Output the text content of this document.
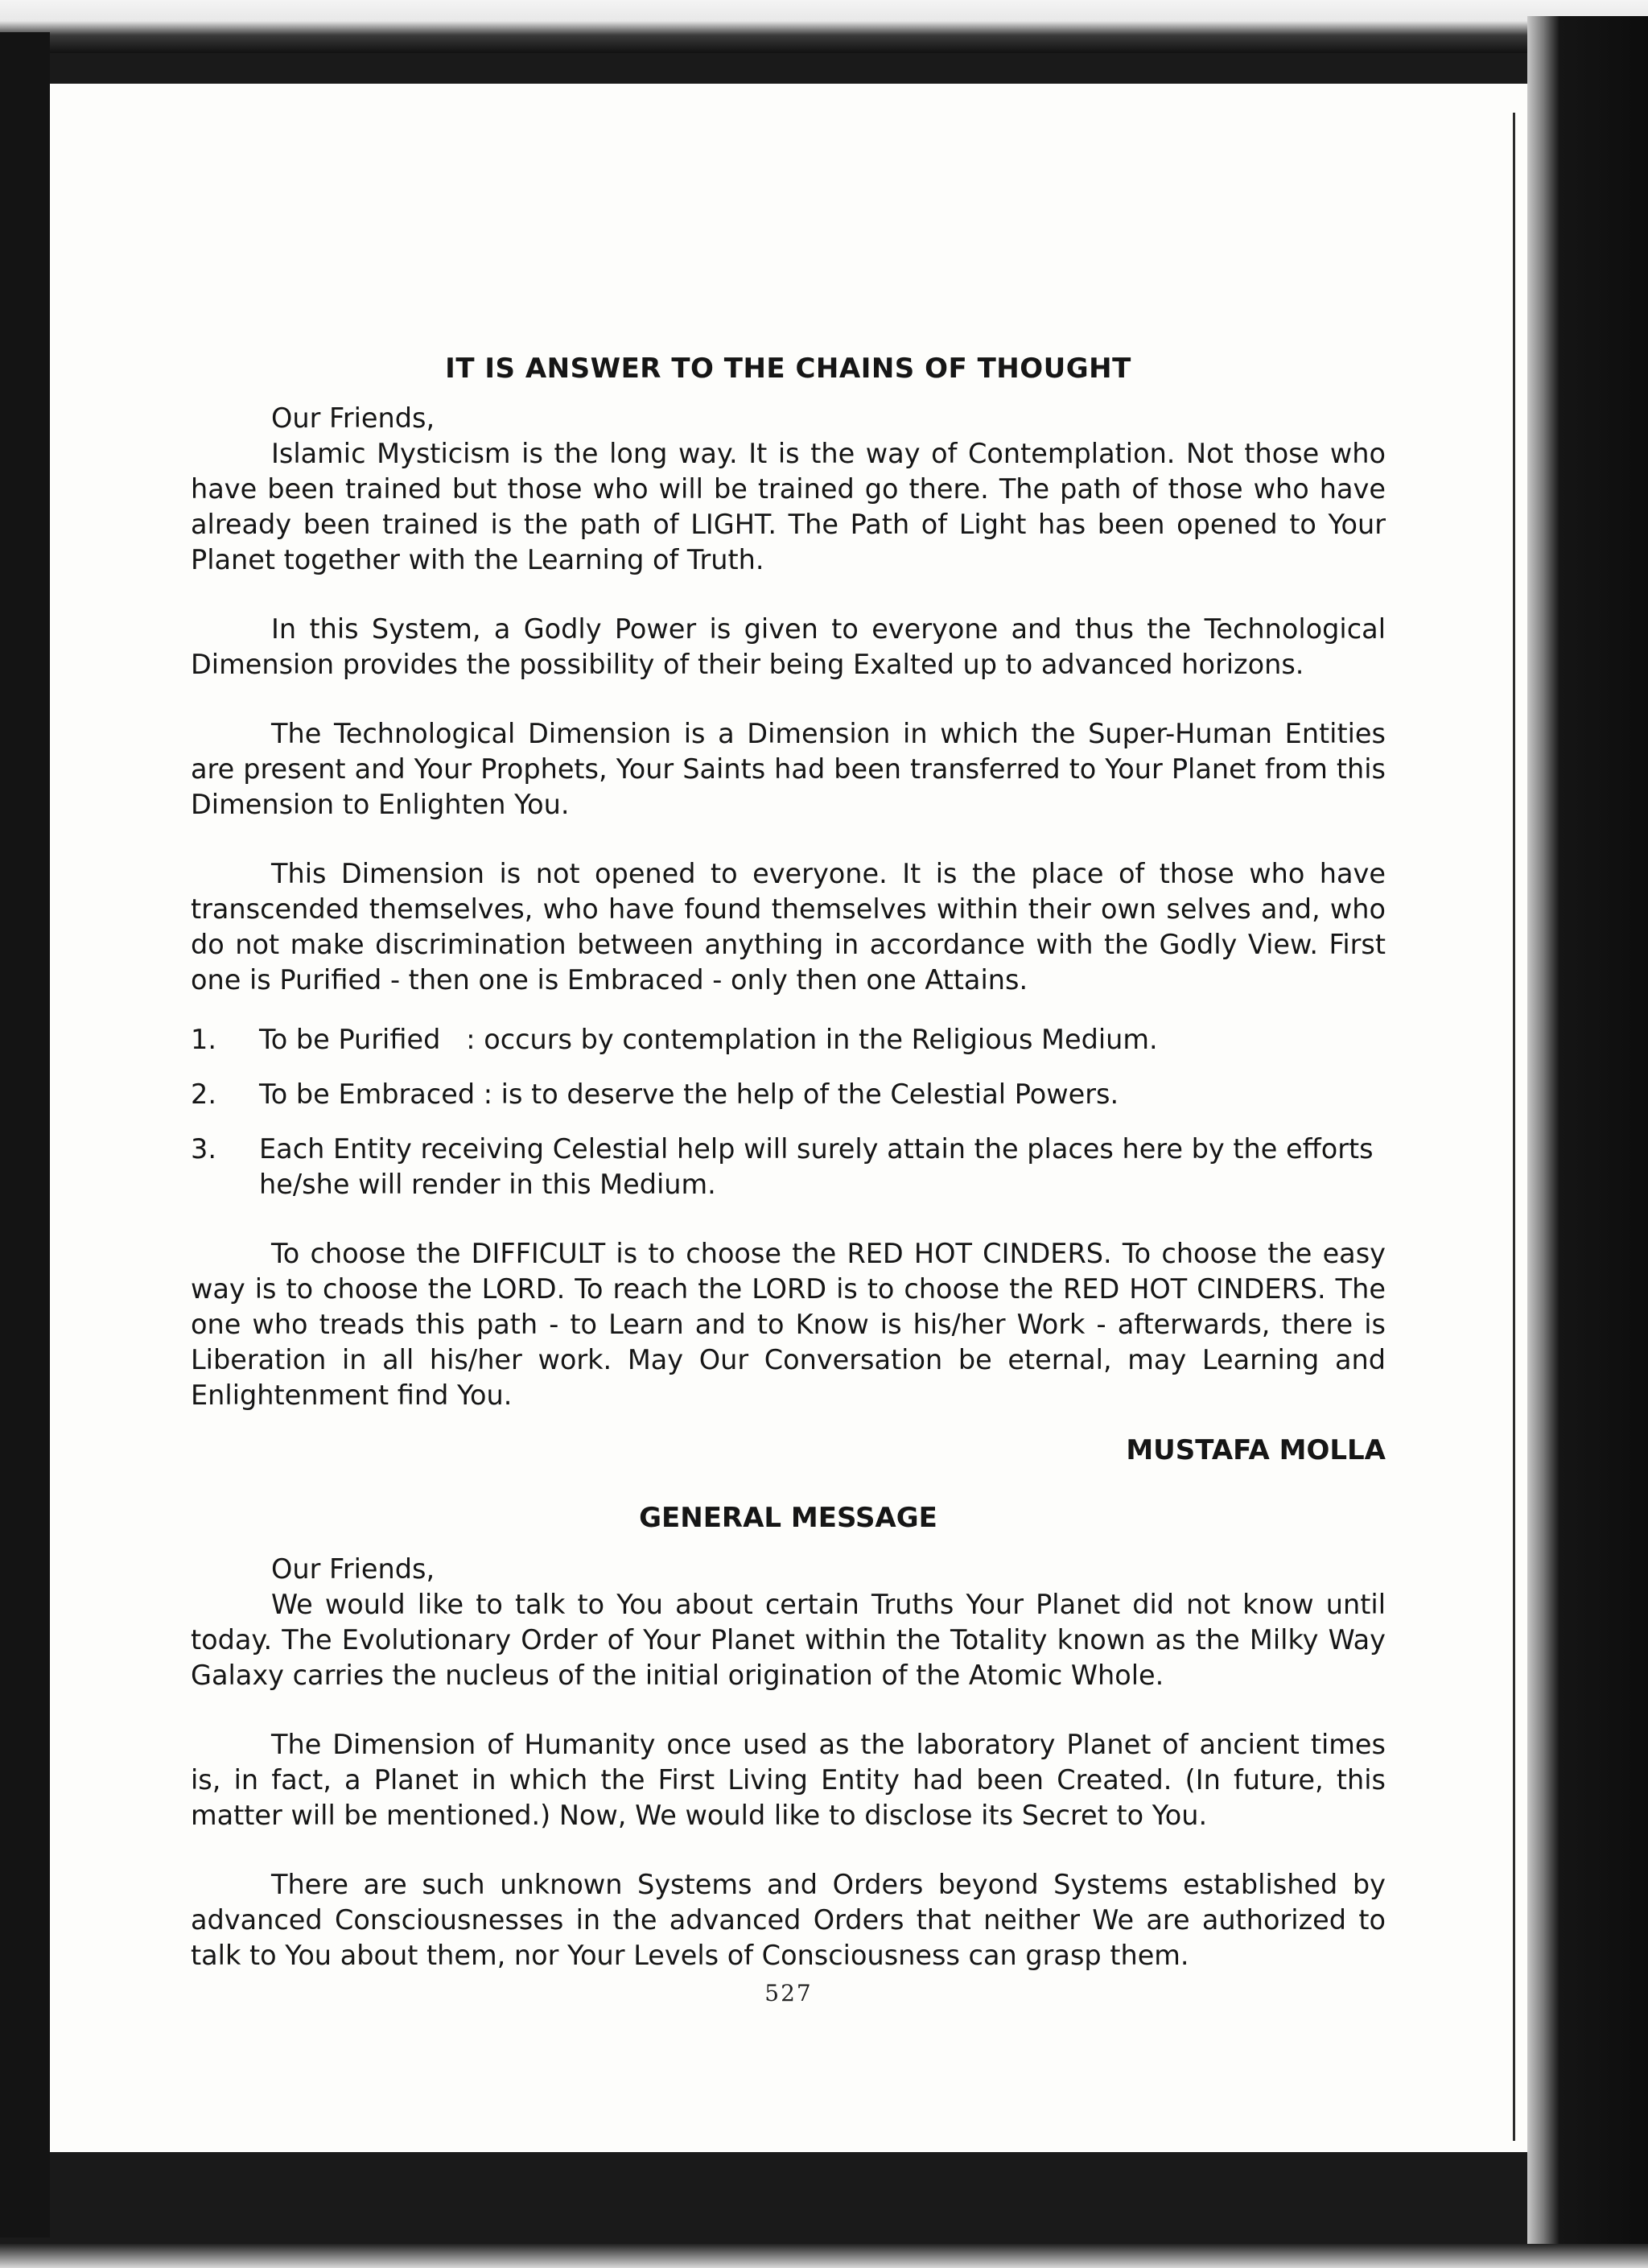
IT IS ANSWER TO THE CHAINS OF THOUGHT
Our Friends,

Islamic Mysticism is the long way. It is the way of Contemplation. Not those who have been trained but those who will be trained go there. The path of those who have already been trained is the path of LIGHT. The Path of Light has been opened to Your Planet together with the Learning of Truth.

In this System, a Godly Power is given to everyone and thus the Technological Dimension provides the possibility of their being Exalted up to advanced horizons.

The Technological Dimension is a Dimension in which the Super-Human Entities are present and Your Prophets, Your Saints had been transferred to Your Planet from this Dimension to Enlighten You.

This Dimension is not opened to everyone. It is the place of those who have transcended themselves, who have found themselves within their own selves and, who do not make discrimination between anything in accordance with the Godly View. First one is Purified - then one is Embraced - only then one Attains.

1. To be Purified   : occurs by contemplation in the Religious Medium.
2. To be Embraced : is to deserve the help of the Celestial Powers.
3. Each Entity receiving Celestial help will surely attain the places here by the efforts he/she will render in this Medium.

To choose the DIFFICULT is to choose the RED HOT CINDERS. To choose the easy way is to choose the LORD. To reach the LORD is to choose the RED HOT CINDERS. The one who treads this path - to Learn and to Know is his/her Work - afterwards, there is Liberation in all his/her work. May Our Conversation be eternal, may Learning and Enlightenment find You.

MUSTAFA MOLLA
GENERAL MESSAGE
Our Friends,

We would like to talk to You about certain Truths Your Planet did not know until today. The Evolutionary Order of Your Planet within the Totality known as the Milky Way Galaxy carries the nucleus of the initial origination of the Atomic Whole.

The Dimension of Humanity once used as the laboratory Planet of ancient times is, in fact, a Planet in which the First Living Entity had been Created. (In future, this matter will be mentioned.) Now, We would like to disclose its Secret to You.

There are such unknown Systems and Orders beyond Systems established by advanced Consciousnesses in the advanced Orders that neither We are authorized to talk to You about them, nor Your Levels of Consciousness can grasp them.

527
